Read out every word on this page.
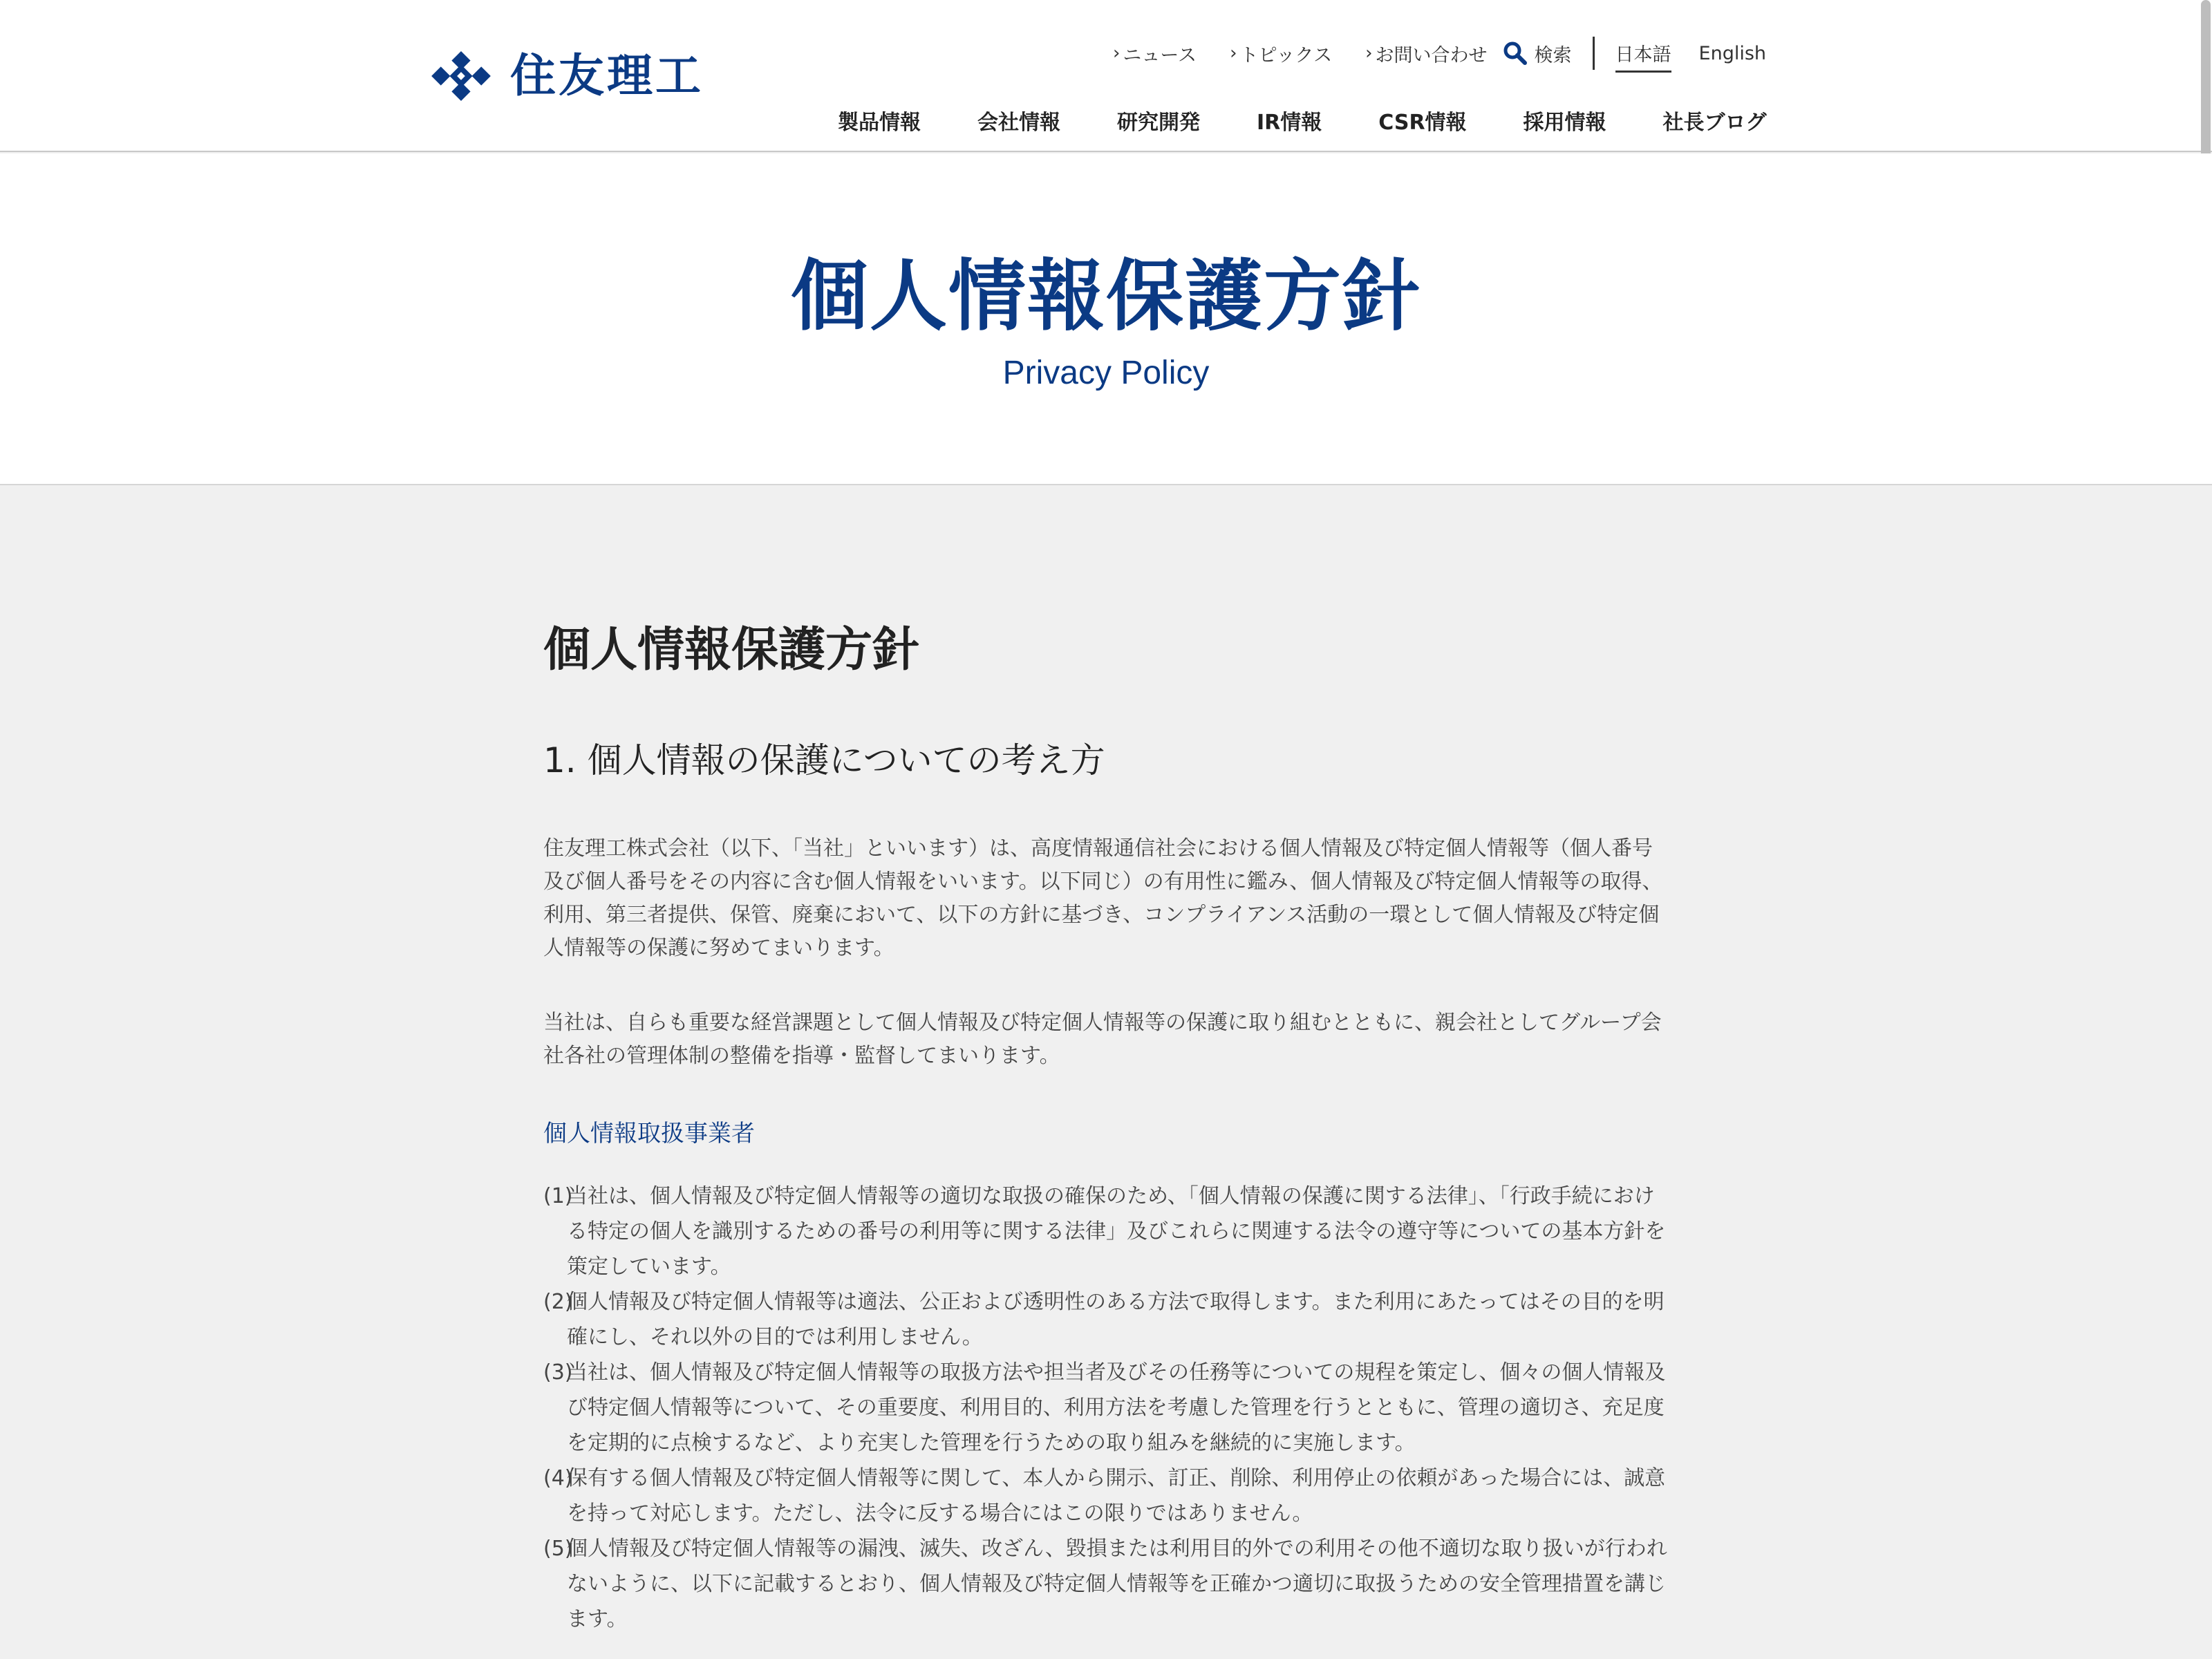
住友理工	› ニュース › トピックス › お問い合わせ	検索 日本語 English
製品情報	会社情報	研究開発	IR情報	CSR情報	採用情報	社長ブログ
個人情報保護方針
Privacy Policy
個人情報保護方針
1. 個人情報の保護についての考え方

住友理工株式会社（以下、「当社」といいます）は、高度情報通信社会における個人情報及び特定個人情報等（個人番号及び個人番号をその内容に含む個人情報をいいます。以下同じ）の有用性に鑑み、個人情報及び特定個人情報等の取得、利用、第三者提供、保管、廃棄において、以下の方針に基づき、コンプライアンス活動の一環として個人情報及び特定個人情報等の保護に努めてまいります。

当社は、自らも重要な経営課題として個人情報及び特定個人情報等の保護に取り組むとともに、親会社としてグループ会社各社の管理体制の整備を指導・監督してまいります。

個人情報取扱事業者
(1)
当社は、個人情報及び特定個人情報等の適切な取扱の確保のため、「個人情報の保護に関する法律」、「行政手続における特定の個人を識別するための番号の利用等に関する法律」及びこれらに関連する法令の遵守等についての基本方針を策定しています。
(2)
個人情報及び特定個人情報等は適法、公正および透明性のある方法で取得します。また利用にあたってはその目的を明確にし、それ以外の目的では利用しません。
(3)
当社は、個人情報及び特定個人情報等の取扱方法や担当者及びその任務等についての規程を策定し、個々の個人情報及び特定個人情報等について、その重要度、利用目的、利用方法を考慮した管理を行うとともに、管理の適切さ、充足度を定期的に点検するなど、より充実した管理を行うための取り組みを継続的に実施します。
(4)
保有する個人情報及び特定個人情報等に関して、本人から開示、訂正、削除、利用停止の依頼があった場合には、誠意を持って対応します。ただし、法令に反する場合にはこの限りではありません。
(5)
個人情報及び特定個人情報等の漏洩、滅失、改ざん、毀損または利用目的外での利用その他不適切な取り扱いが行われないように、以下に記載するとおり、個人情報及び特定個人情報等を正確かつ適切に取扱うための安全管理措置を講じます。
